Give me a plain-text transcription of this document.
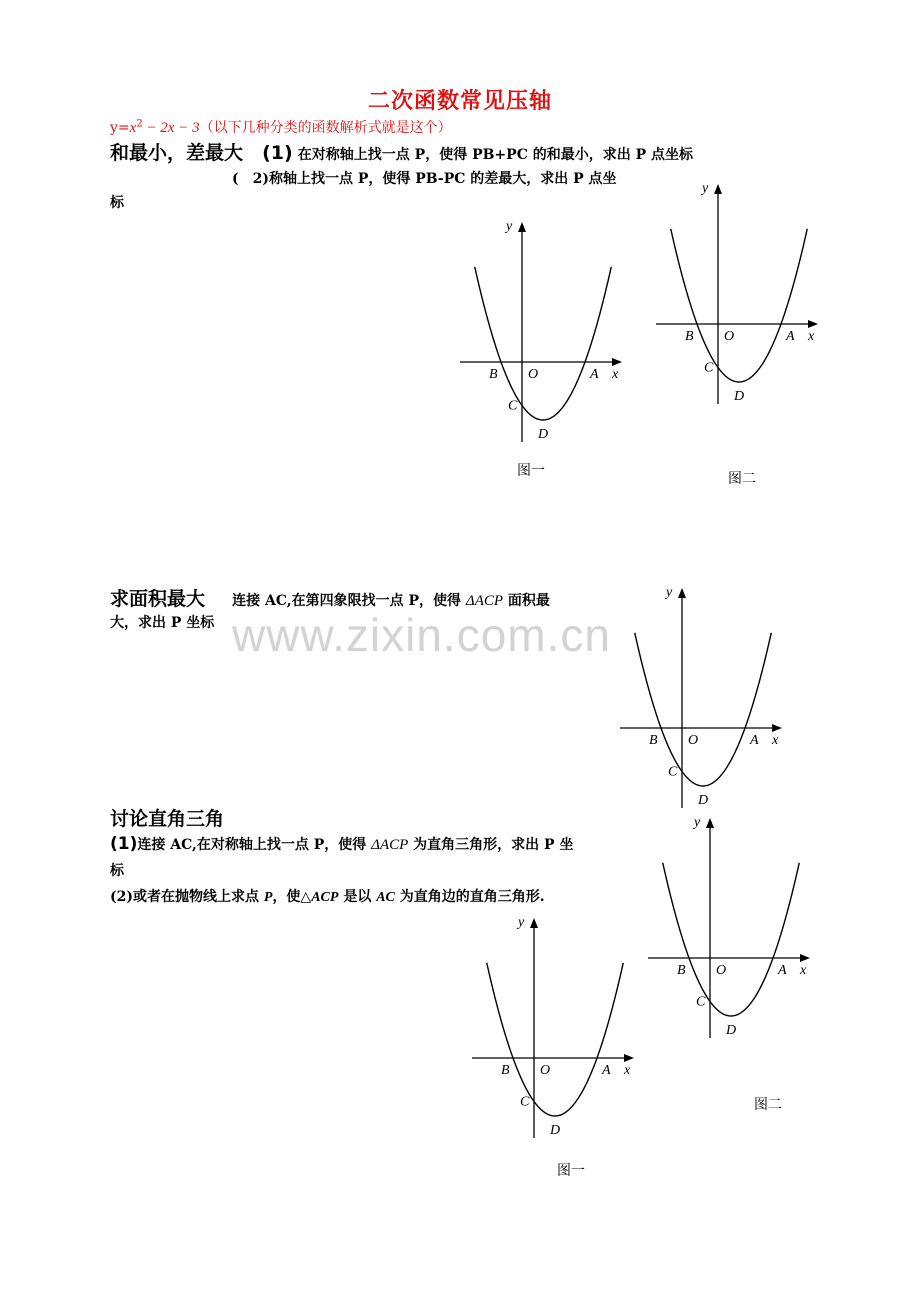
二次函数常见压轴
$y=x^2 - 2x - 3$（以下几种分类的函数解析式就是这个）
和最小，差最大 (1) 在对称轴上找一点 P，使得 PB+PC 的和最小，求出 P 点坐标
(　2)称轴上找一点 P，使得 PB-PC 的差最大，求出 P 点坐
标
求面积最大 连接 AC,在第四象限找一点 P，使得 ΔACP 面积最
大，求出 P 坐标 www.zixin.com.cn
讨论直角三角
(1)连接 AC,在对称轴上找一点 P，使得 ΔACP 为直角三角形，求出 P 坐
标
(2)或者在抛物线上求点 P，使△ACP 是以 AC 为直角边的直角三角形.
图一	图二
图二
图一
y
x
B O	A
C
D
y
x
B O	A
C
D
y
x
B O	A
C
D
y
x
B O	A
C
D
y
x
B O	A
C
D
